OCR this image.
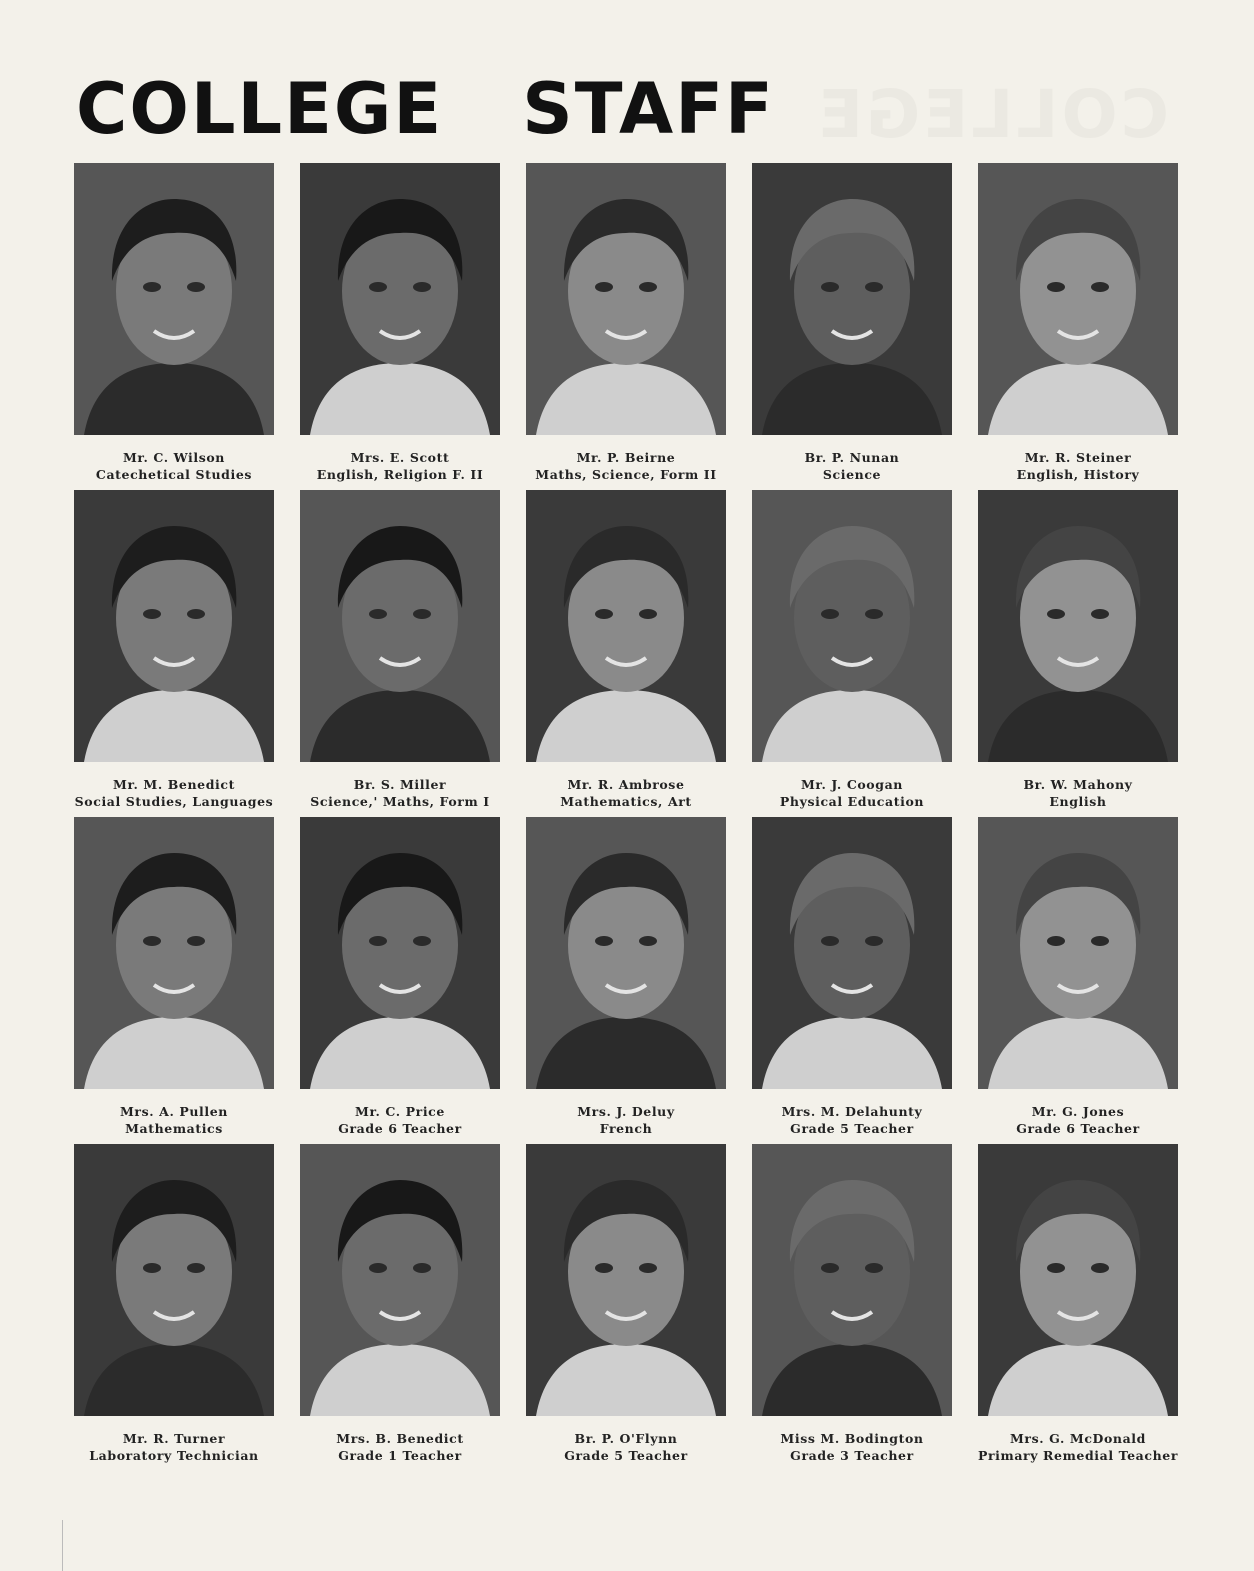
COLLEGE   STAFF COLLEGE
Mr. C. Wilson
Catechetical Studies
Mrs. E. Scott
English, Religion F. II
Mr. P. Beirne
Maths, Science, Form II
Br. P. Nunan
Science
Mr. R. Steiner
English, History
Mr. M. Benedict
Social Studies, Languages
Br. S. Miller
Science,' Maths, Form I
Mr. R. Ambrose
Mathematics, Art
Mr. J. Coogan
Physical Education
Br. W. Mahony
English
Mrs. A. Pullen
Mathematics
Mr. C. Price
Grade 6 Teacher
Mrs. J. Deluy
French
Mrs. M. Delahunty
Grade 5 Teacher
Mr. G. Jones
Grade 6 Teacher
Mr. R. Turner
Laboratory Technician
Mrs. B. Benedict
Grade 1 Teacher
Br. P. O'Flynn
Grade 5 Teacher
Miss M. Bodington
Grade 3 Teacher
Mrs. G. McDonald
Primary Remedial Teacher
